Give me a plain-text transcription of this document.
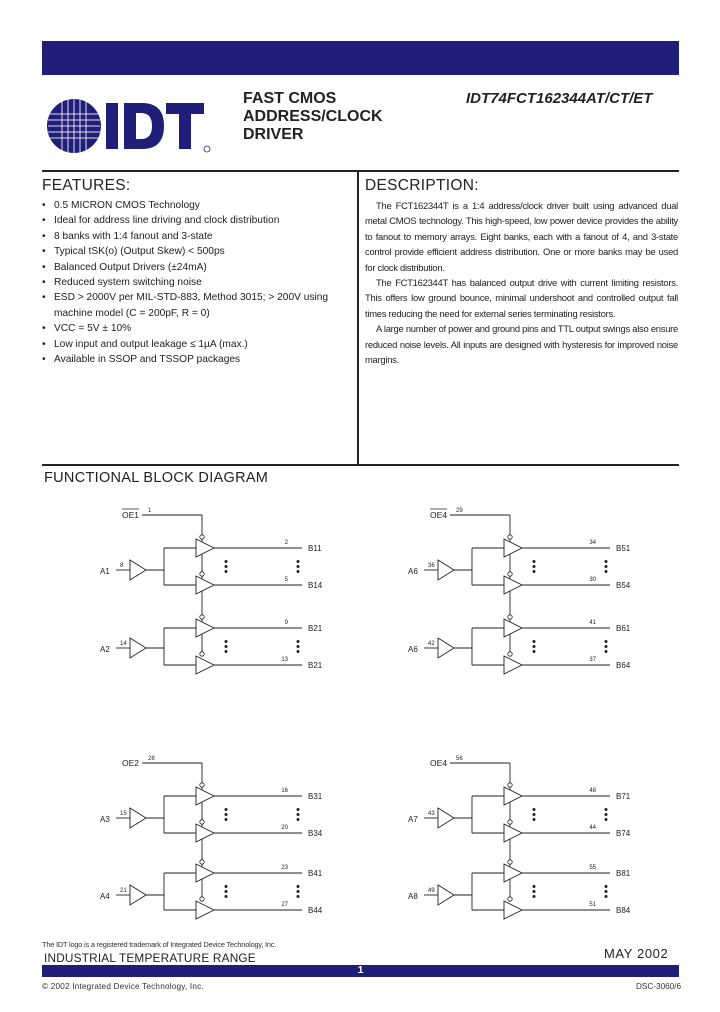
FAST CMOS
ADDRESS/CLOCK
DRIVER
IDT74FCT162344AT/CT/ET
FEATURES:
• 0.5 MICRON CMOS Technology
• Ideal for address line driving and clock distribution
• 8 banks with 1:4 fanout and 3-state
• Typical tSK(o) (Output Skew) < 500ps
• Balanced Output Drivers (±24mA)
• Reduced system switching noise
• ESD > 2000V per MIL-STD-883, Method 3015; > 200V using machine model (C = 200pF, R = 0)
• VCC = 5V ± 10%
• Low input and output leakage ≤ 1µA (max.)
• Available in SSOP and TSSOP packages
DESCRIPTION:

The FCT162344T is a 1:4 address/clock driver built using advanced dual metal CMOS technology. This high-speed, low power device provides the ability to fanout to memory arrays. Eight banks, each with a fanout of 4, and 3-state control provide efficient address distribution. One or more banks may be used for clock distribution.

The FCT162344T has balanced output drive with current limiting resistors. This offers low ground bounce, minimal undershoot and controlled output fall times reducing the need for external series terminating resistors.

A large number of power and ground pins and TTL output swings also ensure reduced noise levels. All inputs are designed with hysteresis for improved noise margins.

FUNCTIONAL BLOCK DIAGRAM
OE1 1
A1
8
2
B11
5
B14
A2
14
9
B21
13
B21
OE4 29
A6
36
34
B51
30
B54
A6
42
41
B61
37
B64
OE2 28
A3
15
16
B31
20
B34
A4
21
23
B41
27
B44
OE4 56
A7
43
48
B71
44
B74
A8
49
55
B81
51
B84
The IDT logo is a registered trademark of Integrated Device Technology, Inc.
INDUSTRIAL TEMPERATURE RANGE	MAY 2002
1
© 2002 Integrated Device Technology, Inc.	DSC-3060/6
